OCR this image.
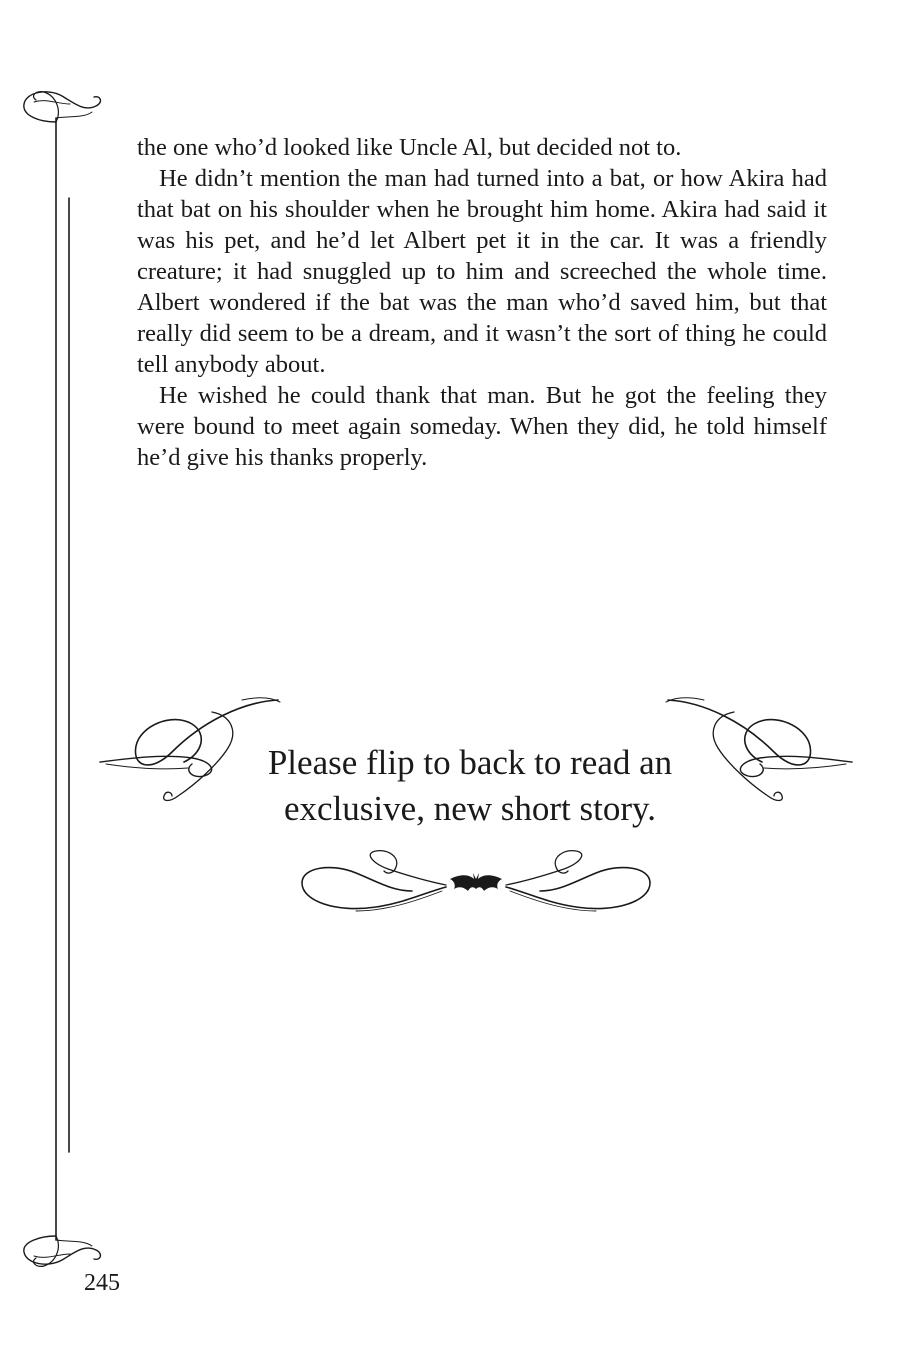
the one who’d looked like Uncle Al, but decided not to.

He didn’t mention the man had turned into a bat, or how Akira had that bat on his shoulder when he brought him home. Akira had said it was his pet, and he’d let Albert pet it in the car. It was a friendly creature; it had snuggled up to him and screeched the whole time. Albert wondered if the bat was the man who’d saved him, but that really did seem to be a dream, and it wasn’t the sort of thing he could tell anybody about.

He wished he could thank that man. But he got the feeling they were bound to meet again someday. When they did, he told himself he’d give his thanks properly.

Please flip to back to read an
exclusive, new short story.
245
